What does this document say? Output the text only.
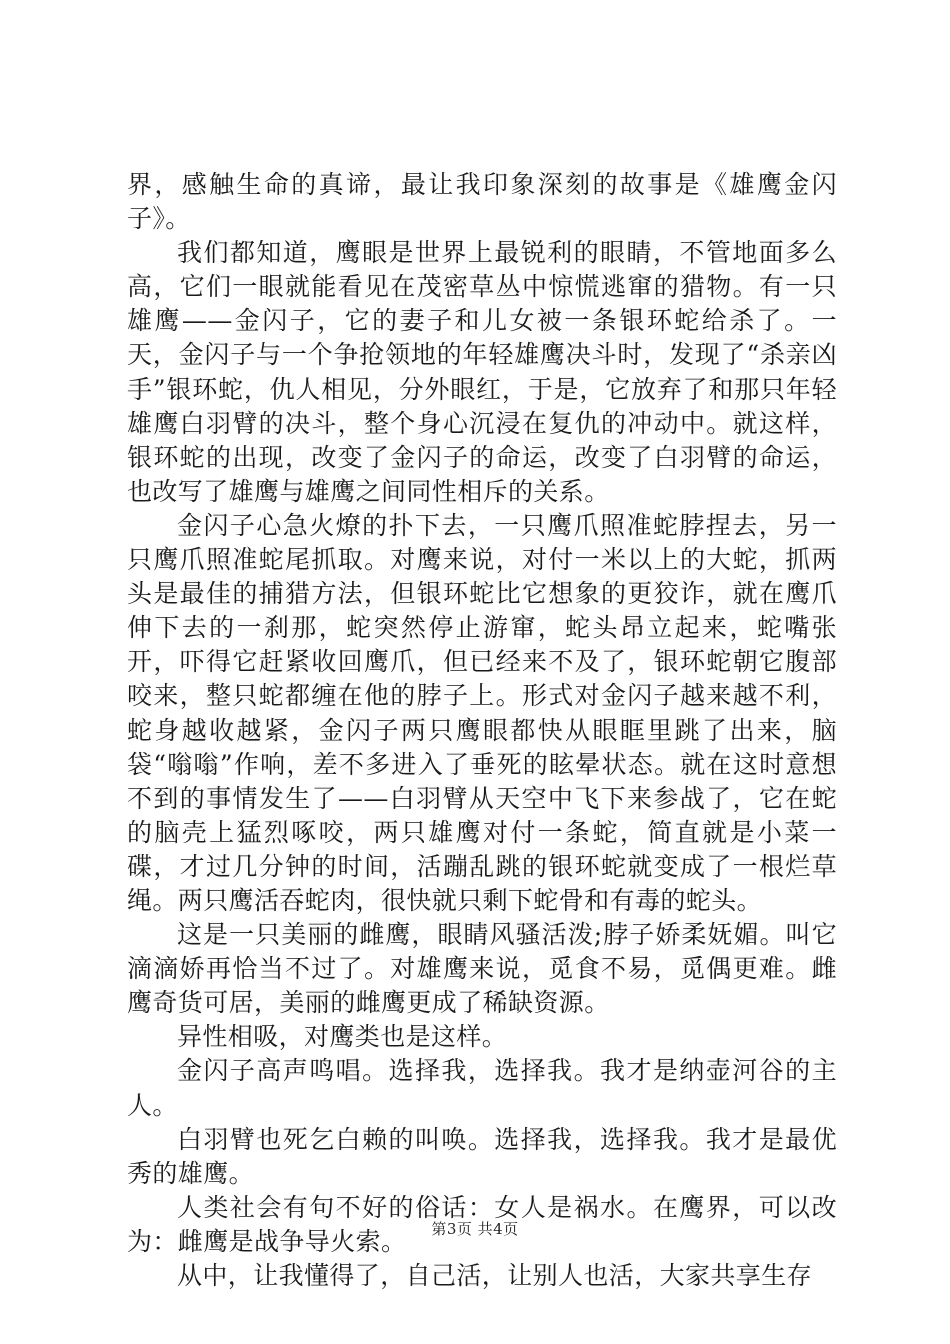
界，感触生命的真谛，最让我印象深刻的故事是《雄鹰金闪子》。

我们都知道，鹰眼是世界上最锐利的眼睛，不管地面多么高，它们一眼就能看见在茂密草丛中惊慌逃窜的猎物。有一只雄鹰——金闪子，它的妻子和儿女被一条银环蛇给杀了。一天，金闪子与一个争抢领地的年轻雄鹰决斗时，发现了“杀亲凶手”银环蛇，仇人相见，分外眼红，于是，它放弃了和那只年轻雄鹰白羽臂的决斗，整个身心沉浸在复仇的冲动中。就这样，银环蛇的出现，改变了金闪子的命运，改变了白羽臂的命运，也改写了雄鹰与雄鹰之间同性相斥的关系。

金闪子心急火燎的扑下去，一只鹰爪照准蛇脖捏去，另一只鹰爪照准蛇尾抓取。对鹰来说，对付一米以上的大蛇，抓两头是最佳的捕猎方法，但银环蛇比它想象的更狡诈，就在鹰爪伸下去的一刹那，蛇突然停止游窜，蛇头昂立起来，蛇嘴张开，吓得它赶紧收回鹰爪，但已经来不及了，银环蛇朝它腹部咬来，整只蛇都缠在他的脖子上。形式对金闪子越来越不利，蛇身越收越紧，金闪子两只鹰眼都快从眼眶里跳了出来，脑袋“嗡嗡”作响，差不多进入了垂死的眩晕状态。就在这时意想不到的事情发生了——白羽臂从天空中飞下来参战了，它在蛇的脑壳上猛烈啄咬，两只雄鹰对付一条蛇，简直就是小菜一碟，才过几分钟的时间，活蹦乱跳的银环蛇就变成了一根烂草绳。两只鹰活吞蛇肉，很快就只剩下蛇骨和有毒的蛇头。

这是一只美丽的雌鹰，眼睛风骚活泼;脖子娇柔妩媚。叫它滴滴娇再恰当不过了。对雄鹰来说，觅食不易，觅偶更难。雌鹰奇货可居，美丽的雌鹰更成了稀缺资源。

异性相吸，对鹰类也是这样。

金闪子高声鸣唱。选择我，选择我。我才是纳壶河谷的主人。

白羽臂也死乞白赖的叫唤。选择我，选择我。我才是最优秀的雄鹰。

人类社会有句不好的俗话：女人是祸水。在鹰界，可以改为：雌鹰是战争导火索。

从中，让我懂得了，自己活，让别人也活，大家共享生存

第3页 共4页
